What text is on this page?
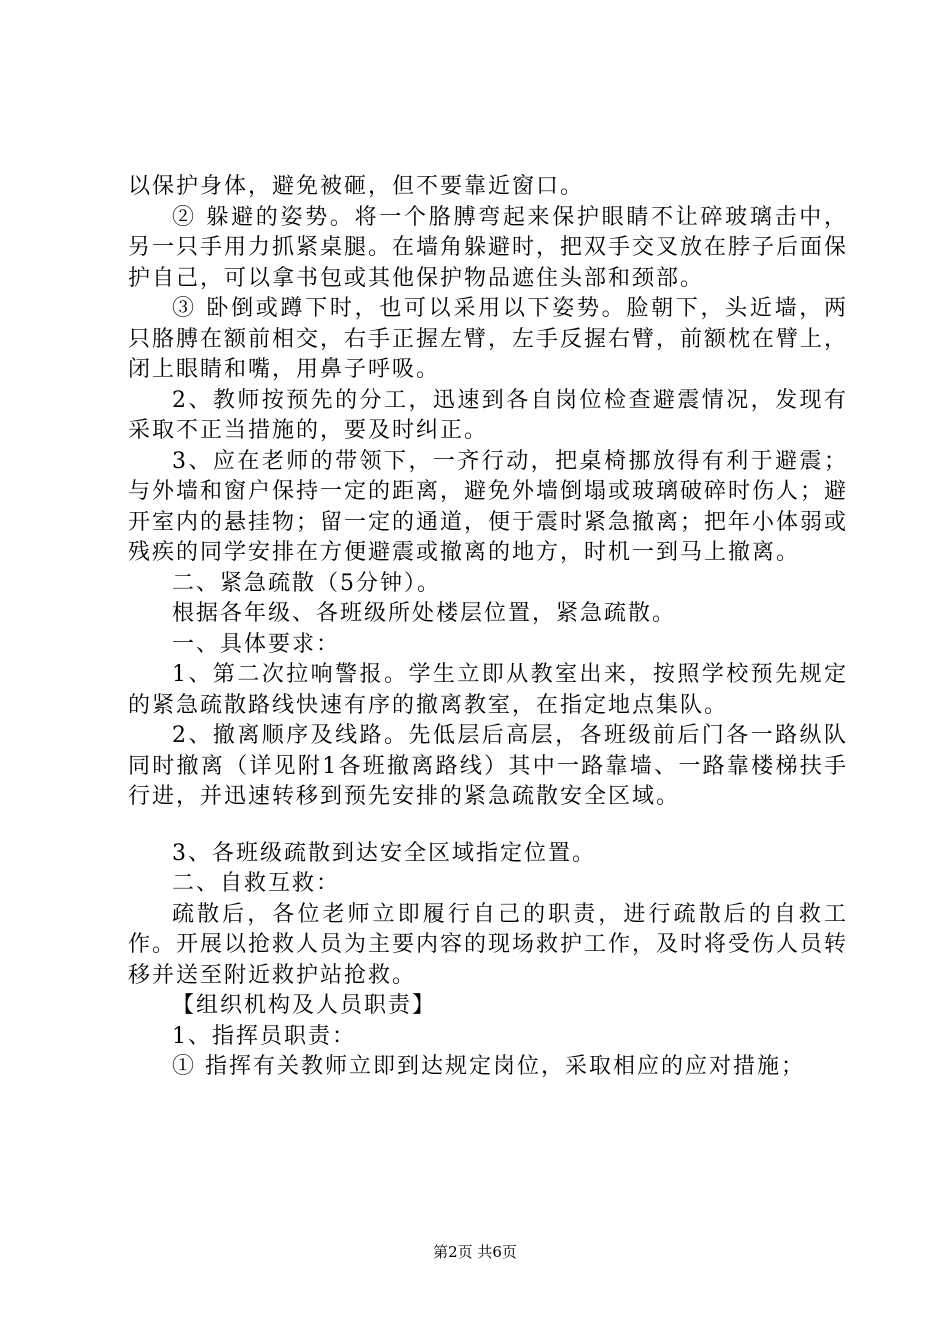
以保护身体，避免被砸，但不要靠近窗口。

② 躲避的姿势。将一个胳膊弯起来保护眼睛不让碎玻璃击中，另一只手用力抓紧桌腿。在墙角躲避时，把双手交叉放在脖子后面保护自己，可以拿书包或其他保护物品遮住头部和颈部。

③ 卧倒或蹲下时，也可以采用以下姿势。脸朝下，头近墙，两只胳膊在额前相交，右手正握左臂，左手反握右臂，前额枕在臂上，闭上眼睛和嘴，用鼻子呼吸。

2、教师按预先的分工，迅速到各自岗位检查避震情况，发现有采取不正当措施的，要及时纠正。

3、应在老师的带领下，一齐行动，把桌椅挪放得有利于避震；与外墙和窗户保持一定的距离，避免外墙倒塌或玻璃破碎时伤人；避开室内的悬挂物；留一定的通道，便于震时紧急撤离；把年小体弱或残疾的同学安排在方便避震或撤离的地方，时机一到马上撤离。

二、紧急疏散（5分钟）。

根据各年级、各班级所处楼层位置，紧急疏散。

一、具体要求：

1、第二次拉响警报。学生立即从教室出来，按照学校预先规定的紧急疏散路线快速有序的撤离教室，在指定地点集队。

2、撤离顺序及线路。先低层后高层，各班级前后门各一路纵队同时撤离（详见附1各班撤离路线）其中一路靠墙、一路靠楼梯扶手行进，并迅速转移到预先安排的紧急疏散安全区域。

3、各班级疏散到达安全区域指定位置。

二、自救互救：

疏散后，各位老师立即履行自己的职责，进行疏散后的自救工作。开展以抢救人员为主要内容的现场救护工作，及时将受伤人员转移并送至附近救护站抢救。

【组织机构及人员职责】

1、指挥员职责：

① 指挥有关教师立即到达规定岗位，采取相应的应对措施；

第2页 共6页
